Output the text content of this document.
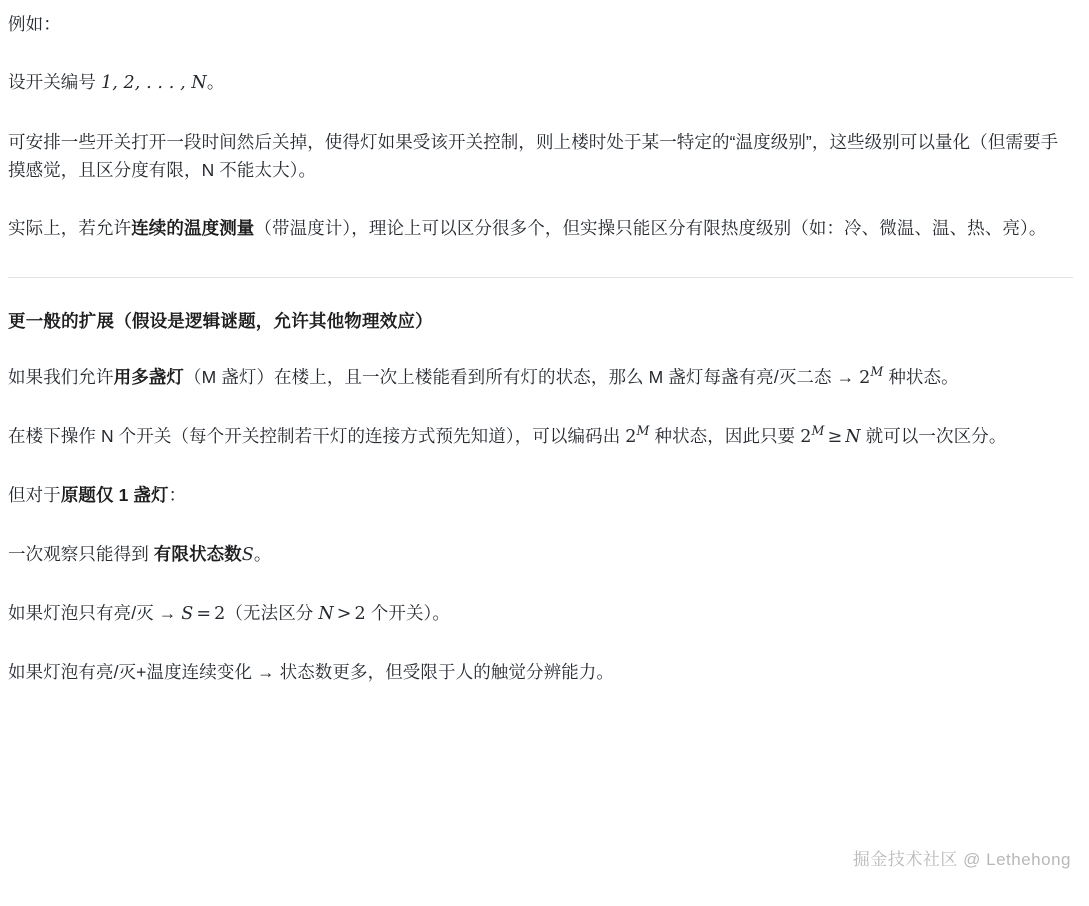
例如：

设开关编号 1, 2, . . . , N。

可安排一些开关打开一段时间然后关掉，使得灯如果受该开关控制，则上楼时处于某一特定的“温度级别”，这些级别可以量化（但需要手摸感觉，且区分度有限，N 不能太大）。

实际上，若允许连续的温度测量（带温度计），理论上可以区分很多个，但实操只能区分有限热度级别（如：冷、微温、温、热、亮）。

更一般的扩展（假设是逻辑谜题，允许其他物理效应）

如果我们允许用多盏灯（M 盏灯）在楼上，且一次上楼能看到所有灯的状态，那么 M 盏灯每盏有亮/灭二态 → $2^M$ 种状态。

在楼下操作 N 个开关（每个开关控制若干灯的连接方式预先知道），可以编码出 $2^M$ 种状态，因此只要 $2^M \ge N$ 就可以一次区分。

但对于原题仅 1 盏灯：

一次观察只能得到 有限状态数S。

如果灯泡只有亮/灭 → S = 2（无法区分 N > 2 个开关）。

如果灯泡有亮/灭+温度连续变化 → 状态数更多，但受限于人的触觉分辨能力。

掘金技术社区 @ Lethehong
